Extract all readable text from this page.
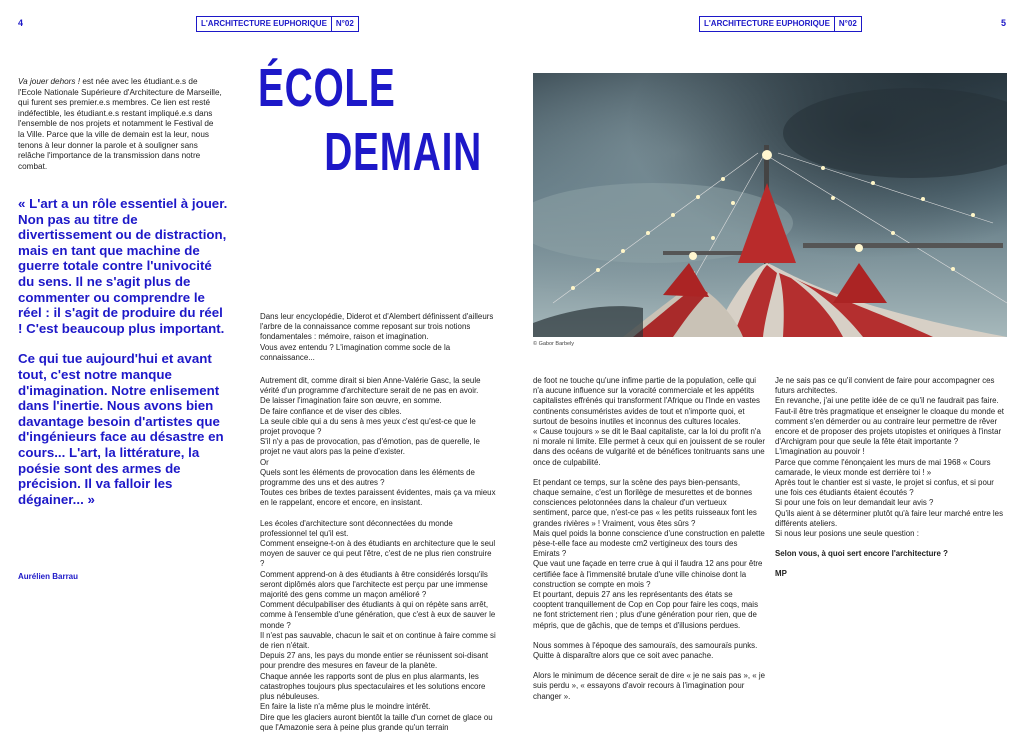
4	L'ARCHITECTURE EUPHORIQUE	N°02

Va jouer dehors ! est née avec les étudiant.e.s de l'Ecole Nationale Supérieure d'Architecture de Marseille, qui furent ses premier.e.s membres. Ce lien est resté indéfectible, les étudiant.e.s restant impliqué.e.s dans l'ensemble de nos projets et notamment le Festival de la Ville. Parce que la ville de demain est la leur, nous tenons à leur donner la parole et à souligner sans relâche l'importance de la transmission dans notre combat.

« L'art a un rôle essentiel à jouer. Non pas au titre de divertissement ou de distraction, mais en tant que machine de guerre totale contre l'univocité du sens. Il ne s'agit plus de commenter ou comprendre le réel : il s'agit de produire du réel ! C'est beaucoup plus important.

Ce qui tue aujourd'hui et avant tout, c'est notre manque d'imagination. Notre enlisement dans l'inertie. Nous avons bien davantage besoin d'artistes que d'ingénieurs face au désastre en cours... L'art, la littérature, la poésie sont des armes de précision. Il va falloir les dégainer... »

Aurélien Barrau
ÉCOLE
DEMAIN

Dans leur encyclopédie, Diderot et d'Alembert définissent d'ailleurs l'arbre de la connaissance comme reposant sur trois notions fondamentales : mémoire, raison et imagination.

Vous avez entendu ? L'imagination comme socle de la connaissance...

Autrement dit, comme dirait si bien Anne-Valérie Gasc, la seule vérité d'un programme d'architecture serait de ne pas en avoir.

De laisser l'imagination faire son œuvre, en somme.

De faire confiance et de viser des cibles.

La seule cible qui a du sens à mes yeux c'est qu'est-ce que le projet provoque ?

S'il n'y a pas de provocation, pas d'émotion, pas de querelle, le projet ne vaut alors pas la peine d'exister.

Or

Quels sont les éléments de provocation dans les éléments de programme des uns et des autres ?

Toutes ces bribes de textes paraissent évidentes, mais ça va mieux en le rappelant, encore et encore, en insistant.

Les écoles d'architecture sont déconnectées du monde professionnel tel qu'il est.

Comment enseigne-t-on à des étudiants en architecture que le seul moyen de sauver ce qui peut l'être, c'est de ne plus rien construire ?

Comment apprend-on à des étudiants à être considérés lorsqu'ils seront diplômés alors que l'architecte est perçu par une immense majorité des gens comme un maçon amélioré ?

Comment déculpabiliser des étudiants à qui on répète sans arrêt, comme à l'ensemble d'une génération, que c'est à eux de sauver le monde ?

Il n'est pas sauvable, chacun le sait et on continue à faire comme si de rien n'était.

Depuis 27 ans, les pays du monde entier se réunissent soi-disant pour prendre des mesures en faveur de la planète.

Chaque année les rapports sont de plus en plus alarmants, les catastrophes toujours plus spectaculaires et les solutions encore plus nébuleuses.

En faire la liste n'a même plus le moindre intérêt.

Dire que les glaciers auront bientôt la taille d'un cornet de glace ou que l'Amazonie sera à peine plus grande qu'un terrain

L'ARCHITECTURE EUPHORIQUE	N°02	5
© Gabor Barbely

de foot ne touche qu'une infime partie de la population, celle qui n'a aucune influence sur la voracité commerciale et les appétits capitalistes effrénés qui transforment l'Afrique ou l'Inde en vastes continents consuméristes avides de tout et n'importe quoi, et surtout de besoins inutiles et inconnus des cultures locales.

« Cause toujours » se dit le Baal capitaliste, car la loi du profit n'a ni morale ni limite. Elle permet à ceux qui en jouissent de se rouler dans des océans de vulgarité et de bénéfices tonitruants sans une once de culpabilité.

Et pendant ce temps, sur la scène des pays bien-pensants, chaque semaine, c'est un florilège de mesurettes et de bonnes consciences pelotonnées dans la chaleur d'un vertueux sentiment, parce que, n'est-ce pas « les petits ruisseaux font les grandes rivières » ! Vraiment, vous êtes sûrs ?

Mais quel poids la bonne conscience d'une construction en palette pèse-t-elle face au modeste cm2 vertigineux des tours des Emirats ?

Que vaut une façade en terre crue à qui il faudra 12 ans pour être certifiée face à l'immensité brutale d'une ville chinoise dont la construction se compte en mois ?

Et pourtant, depuis 27 ans les représentants des états se cooptent tranquillement de Cop en Cop pour faire les coqs, mais ne font strictement rien ; plus d'une génération pour rien, que de mépris, que de gâchis, que de temps et d'illusions perdues.

Nous sommes à l'époque des samouraïs, des samouraïs punks. Quitte à disparaître alors que ce soit avec panache.

Alors le minimum de décence serait de dire « je ne sais pas », « je suis perdu », « essayons d'avoir recours à l'imagination pour changer ».

Je ne sais pas ce qu'il convient de faire pour accompagner ces futurs architectes.

En revanche, j'ai une petite idée de ce qu'il ne faudrait pas faire.

Faut-il être très pragmatique et enseigner le cloaque du monde et comment s'en démerder ou au contraire leur permettre de rêver encore et de proposer des projets utopistes et oniriques à l'instar d'Archigram pour que seule la fête était importante ?

L'imagination au pouvoir !

Parce que comme l'énonçaient les murs de mai 1968 « Cours camarade, le vieux monde est derrière toi ! »

Après tout le chantier est si vaste, le projet si confus, et si pour une fois ces étudiants étaient écoutés ?

Si pour une fois on leur demandait leur avis ?

Qu'ils aient à se déterminer plutôt qu'à faire leur marché entre les différents ateliers.

Si nous leur posions une seule question :

Selon vous, à quoi sert encore l'architecture ?

MP
